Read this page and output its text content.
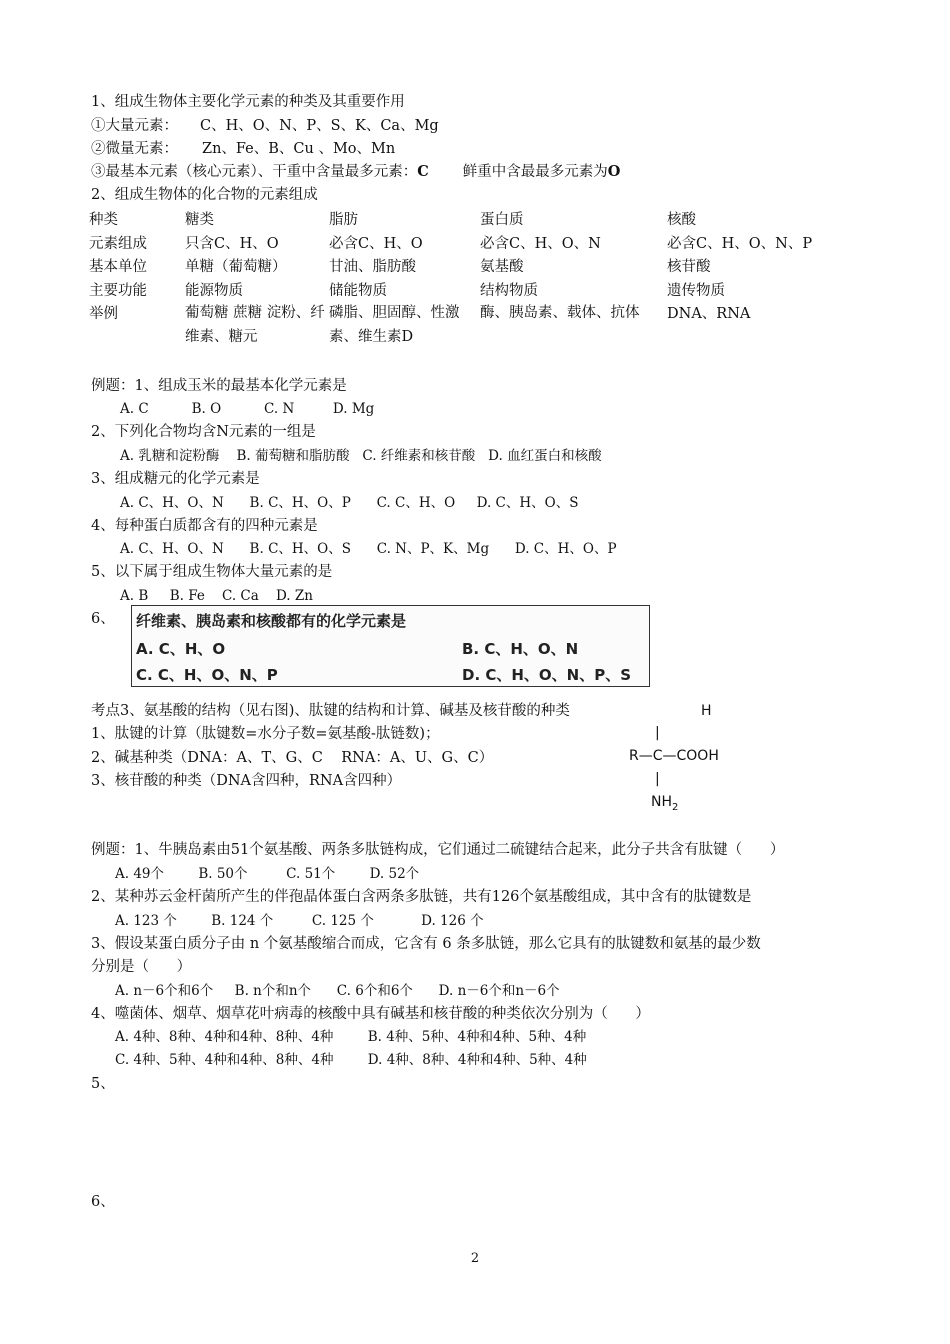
1、组成生物体主要化学元素的种类及其重要作用
①大量元素： C、H、O、N、P、S、K、Ca、Mg
②微量无素： Zn、Fe、B、Cu 、Mo、Mn
③最基本元素（核心元素）、干重中含量最多元素：C 鲜重中含最最多元素为O
2、组成生物体的化合物的元素组成
种类	糖类	脂肪	蛋白质	核酸
元素组成	只含C、H、O	必含C、H、O	必含C、H、O、N	必含C、H、O、N、P
基本单位	单糖（葡萄糖）	甘油、脂肪酸	氨基酸	核苷酸
主要功能	能源物质	储能物质	结构物质	遗传物质
举例	葡萄糖 蔗糖 淀粉、纤维素、糖元	磷脂、胆固醇、性激素、维生素D	酶、胰岛素、载体、抗体	DNA、RNA
例题：1、组成玉米的最基本化学元素是
A. C          B. O          C. N         D. Mg
2、下列化合物均含N元素的一组是
A. 乳糖和淀粉酶    B. 葡萄糖和脂肪酸   C. 纤维素和核苷酸   D. 血红蛋白和核酸
3、组成糖元的化学元素是
A. C、H、O、N      B. C、H、O、P      C. C、H、O     D. C、H、O、S
4、每种蛋白质都含有的四种元素是
A. C、H、O、N      B. C、H、O、S      C. N、P、K、Mg      D. C、H、O、P
5、以下属于组成生物体大量元素的是
A. B     B. Fe    C. Ca    D. Zn
6、 纤维素、胰岛素和核酸都有的化学元素是
A. C、H、O	B. C、H、O、N
C. C、H、O、N、P	D. C、H、O、N、P、S
考点3、氨基酸的结构（见右图)、肽键的结构和计算、碱基及核苷酸的种类
1、肽键的计算（肽键数=水分子数=氨基酸-肽链数)；
2、碱基种类（DNA：A、T、G、C    RNA：A、U、G、C）
3、核苷酸的种类（DNA含四种，RNA含四种）
H
|
R—C—COOH
|
$NH_2$
例题：1、牛胰岛素由51个氨基酸、两条多肽链构成，它们通过二硫键结合起来，此分子共含有肽键（      ）
A. 49个        B. 50个         C. 51个        D. 52个
2、某种苏云金杆菌所产生的伴孢晶体蛋白含两条多肽链，共有126个氨基酸组成，其中含有的肽键数是
A. 123 个        B. 124 个         C. 125 个           D. 126 个
3、假设某蛋白质分子由 n 个氨基酸缩合而成，它含有 6 条多肽链，那么它具有的肽键数和氨基的最少数
分别是（      ）
A. n－6个和6个     B. n个和n个      C. 6个和6个      D. n－6个和n－6个
4、噬菌体、烟草、烟草花叶病毒的核酸中具有碱基和核苷酸的种类依次分别为（      ）
A. 4种、8种、4种和4种、8种、4种        B. 4种、5种、4种和4种、5种、4种
C. 4种、5种、4种和4种、8种、4种        D. 4种、8种、4种和4种、5种、4种
5、
6、
2
